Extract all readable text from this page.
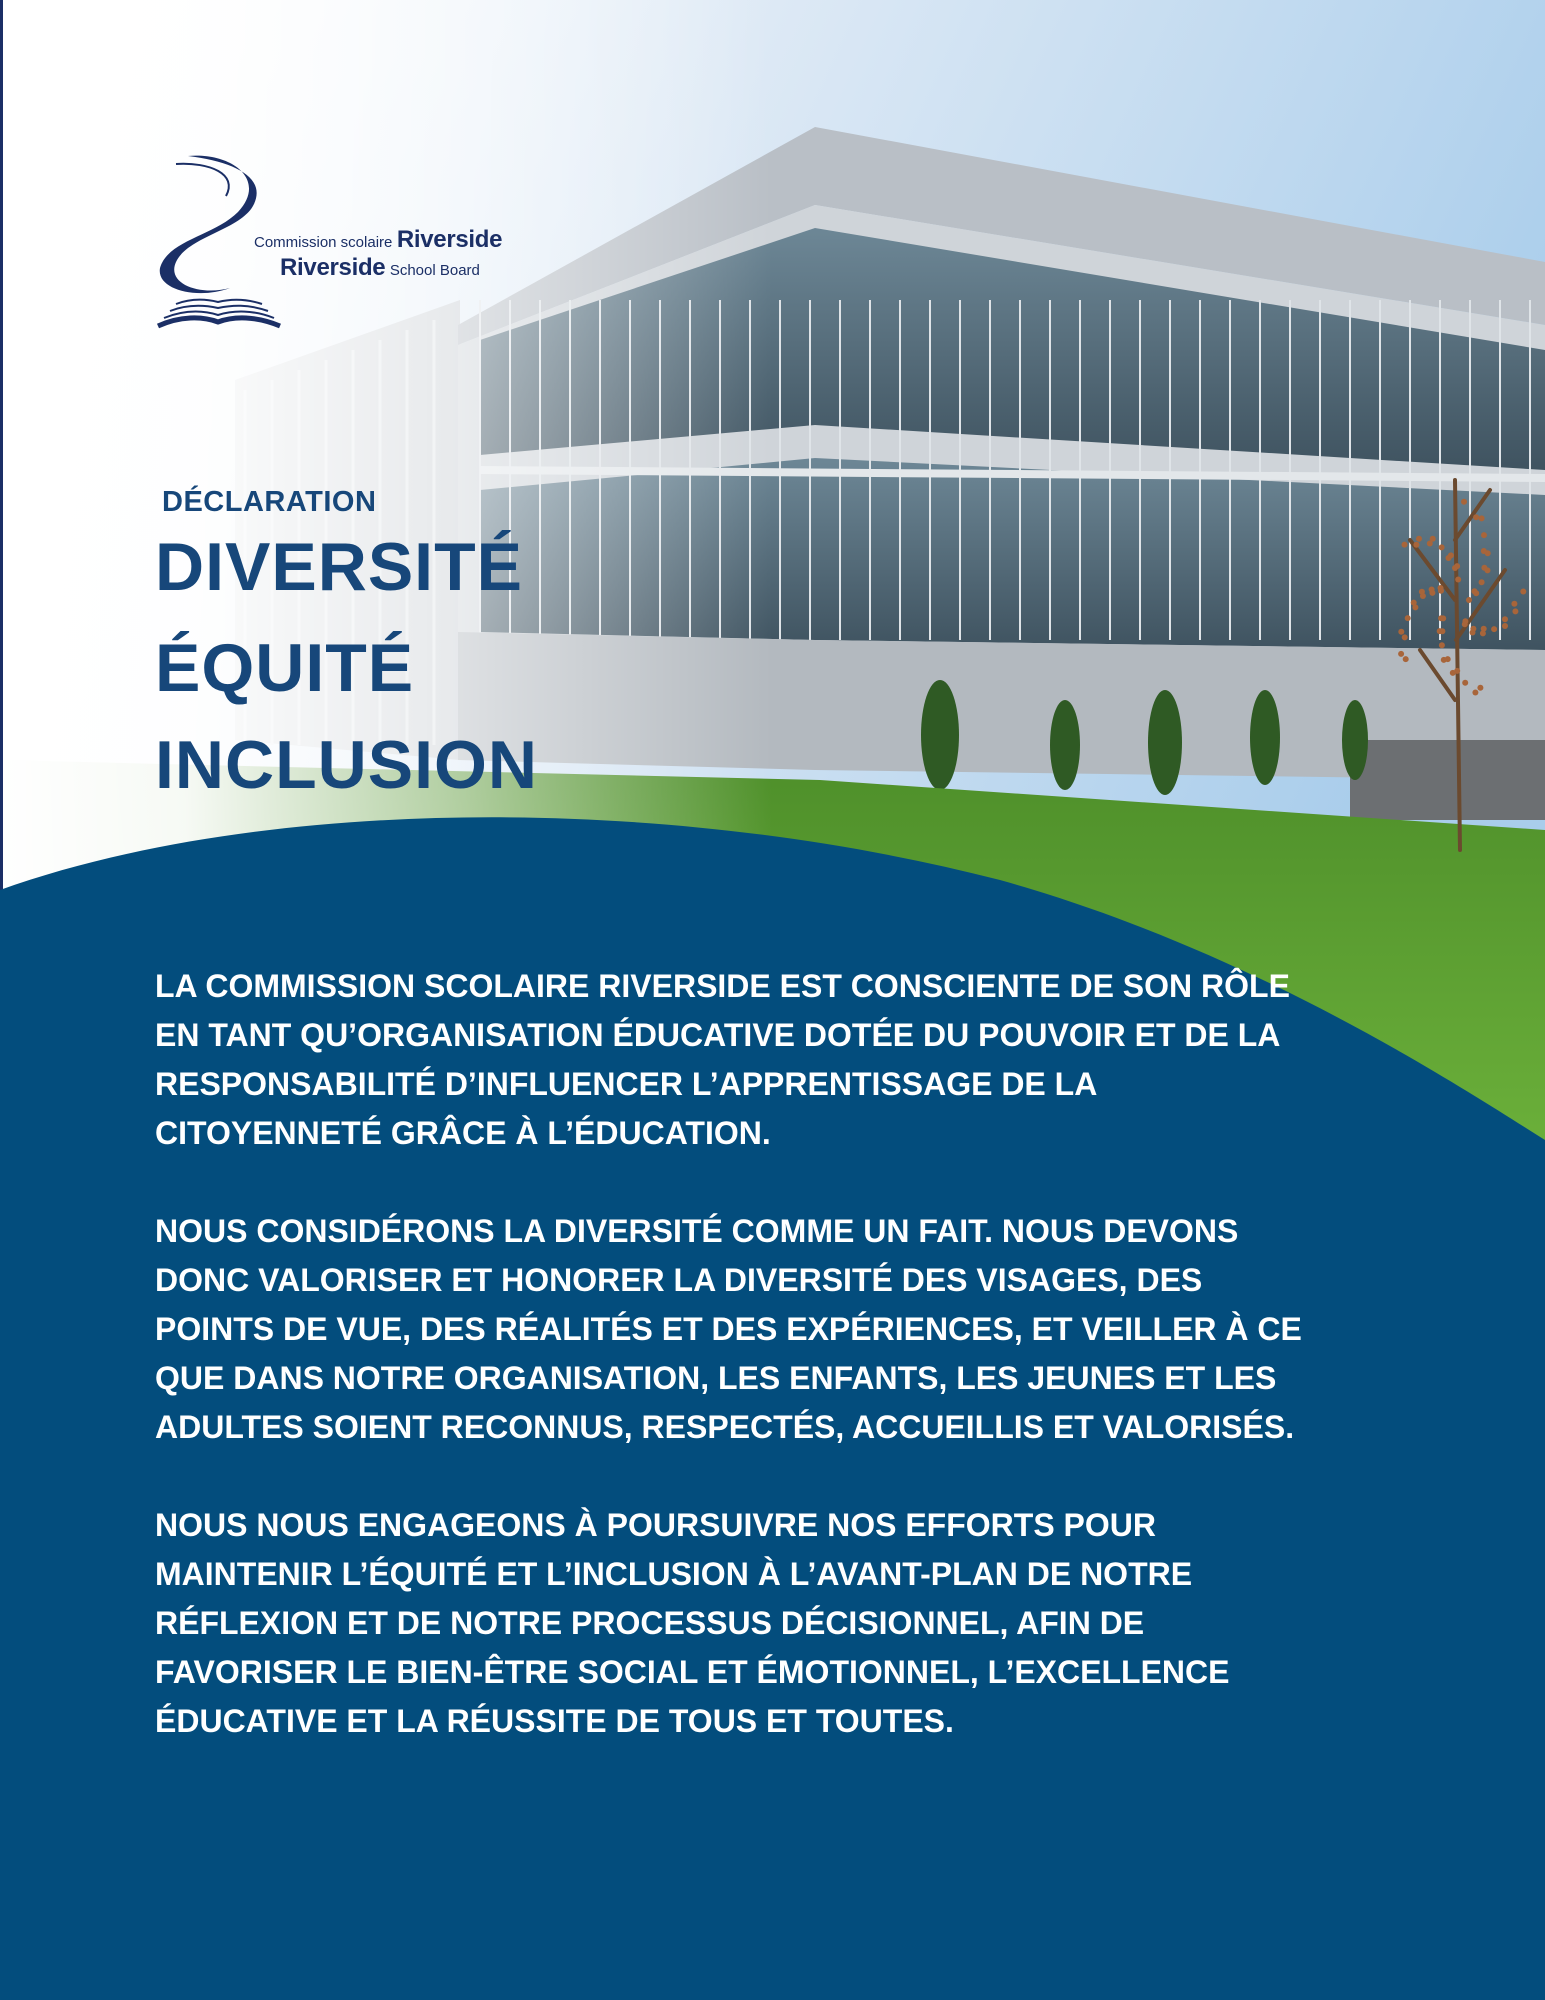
Commission scolaire Riverside
Riverside School Board
DÉCLARATION
DIVERSITÉ
ÉQUITÉ
INCLUSION

LA COMMISSION SCOLAIRE RIVERSIDE EST CONSCIENTE DE SON RÔLE EN TANT QU’ORGANISATION ÉDUCATIVE DOTÉE DU POUVOIR ET DE LA RESPONSABILITÉ D’INFLUENCER L’APPRENTISSAGE DE LA CITOYENNETÉ GRÂCE À L’ÉDUCATION.

NOUS CONSIDÉRONS LA DIVERSITÉ COMME UN FAIT. NOUS DEVONS DONC VALORISER ET HONORER LA DIVERSITÉ DES VISAGES, DES POINTS DE VUE, DES RÉALITÉS ET DES EXPÉRIENCES, ET VEILLER À CE QUE DANS NOTRE ORGANISATION, LES ENFANTS, LES JEUNES ET LES ADULTES SOIENT RECONNUS, RESPECTÉS, ACCUEILLIS ET VALORISÉS.

NOUS NOUS ENGAGEONS À POURSUIVRE NOS EFFORTS POUR MAINTENIR L’ÉQUITÉ ET L’INCLUSION À L’AVANT-PLAN DE NOTRE RÉFLEXION ET DE NOTRE PROCESSUS DÉCISIONNEL, AFIN DE FAVORISER LE BIEN-ÊTRE SOCIAL ET ÉMOTIONNEL, L’EXCELLENCE ÉDUCATIVE ET LA RÉUSSITE DE TOUS ET TOUTES.
